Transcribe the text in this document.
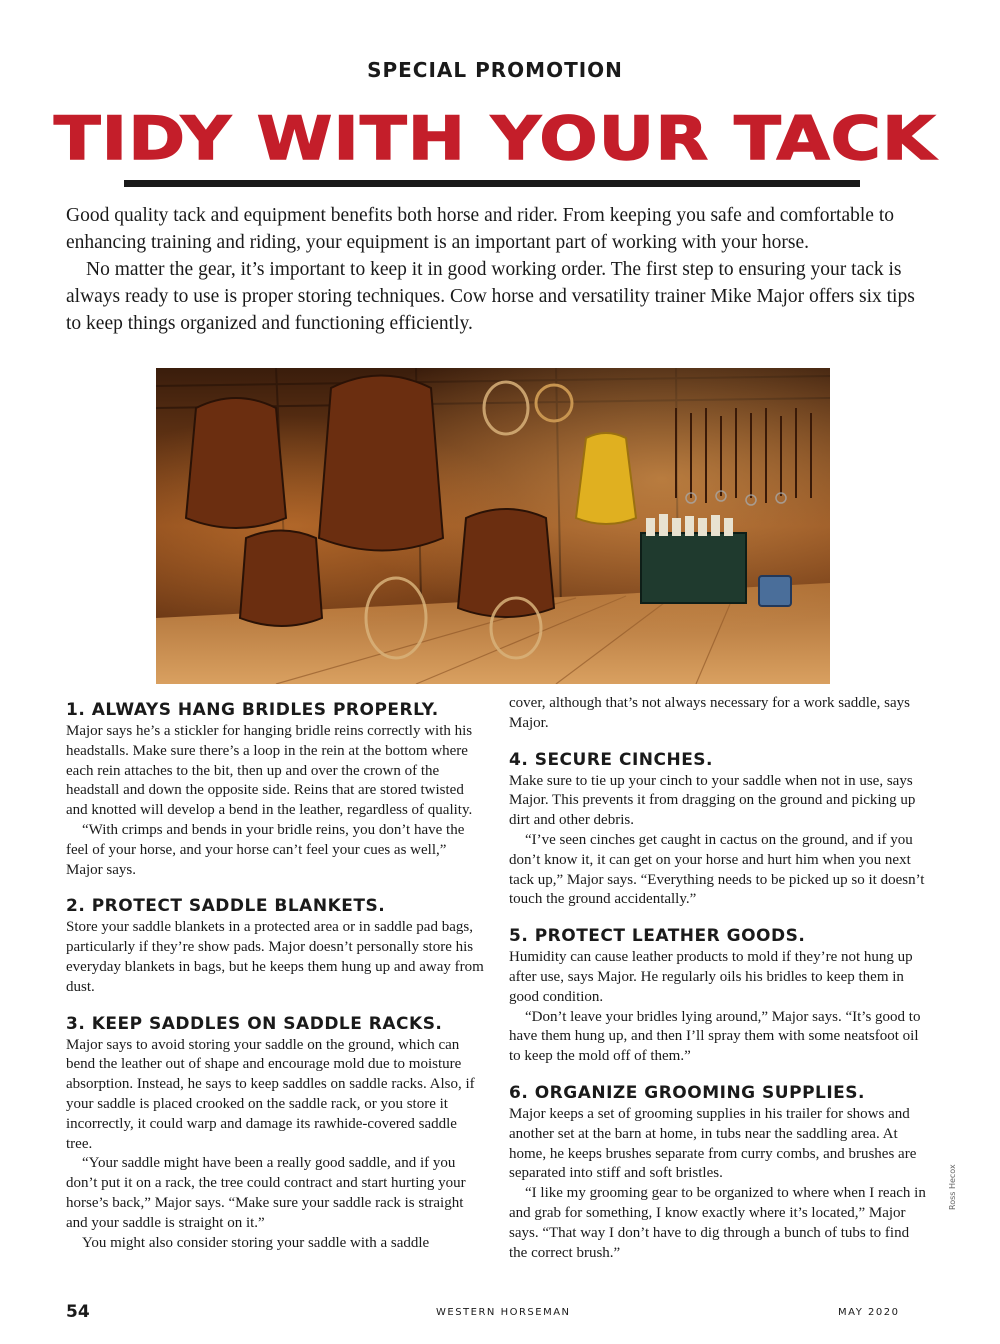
SPECIAL PROMOTION
TIDY WITH YOUR TACK

Good quality tack and equipment benefits both horse and rider. From keeping you safe and comfortable to enhancing training and riding, your equipment is an important part of working with your horse.

No matter the gear, it’s important to keep it in good working order. The first step to ensuring your tack is always ready to use is proper storing techniques. Cow horse and versatility trainer Mike Major offers six tips to keep things organized and functioning efficiently.

1. ALWAYS HANG BRIDLES PROPERLY.

Major says he’s a stickler for hanging bridle reins correctly with his headstalls. Make sure there’s a loop in the rein at the bottom where each rein attaches to the bit, then up and over the crown of the headstall and down the opposite side. Reins that are stored twisted and knotted will develop a bend in the leather, regardless of quality.

“With crimps and bends in your bridle reins, you don’t have the feel of your horse, and your horse can’t feel your cues as well,” Major says.

2. PROTECT SADDLE BLANKETS.

Store your saddle blankets in a protected area or in saddle pad bags, particularly if they’re show pads. Major doesn’t personally store his everyday blankets in bags, but he keeps them hung up and away from dust.

3. KEEP SADDLES ON SADDLE RACKS.

Major says to avoid storing your saddle on the ground, which can bend the leather out of shape and encourage mold due to moisture absorption. Instead, he says to keep saddles on saddle racks. Also, if your saddle is placed crooked on the saddle rack, or you store it incorrectly, it could warp and damage its rawhide-covered saddle tree.

“Your saddle might have been a really good saddle, and if you don’t put it on a rack, the tree could contract and start hurting your horse’s back,” Major says. “Make sure your saddle rack is straight and your saddle is straight on it.”

You might also consider storing your saddle with a saddle

cover, although that’s not always necessary for a work saddle, says Major.

4. SECURE CINCHES.

Make sure to tie up your cinch to your saddle when not in use, says Major. This prevents it from dragging on the ground and picking up dirt and other debris.

“I’ve seen cinches get caught in cactus on the ground, and if you don’t know it, it can get on your horse and hurt him when you next tack up,” Major says. “Everything needs to be picked up so it doesn’t touch the ground accidentally.”

5. PROTECT LEATHER GOODS.

Humidity can cause leather products to mold if they’re not hung up after use, says Major. He regularly oils his bridles to keep them in good condition.

“Don’t leave your bridles lying around,” Major says. “It’s good to have them hung up, and then I’ll spray them with some neatsfoot oil to keep the mold off of them.”

6. ORGANIZE GROOMING SUPPLIES.

Major keeps a set of grooming supplies in his trailer for shows and another set at the barn at home, in tubs near the saddling area. At home, he keeps brushes separate from curry combs, and brushes are separated into stiff and soft bristles.

“I like my grooming gear to be organized to where when I reach in and grab for something, I know exactly where it’s located,” Major says. “That way I don’t have to dig through a bunch of tubs to find the correct brush.”

Ross Hecox
54	WESTERN HORSEMAN	MAY 2020
